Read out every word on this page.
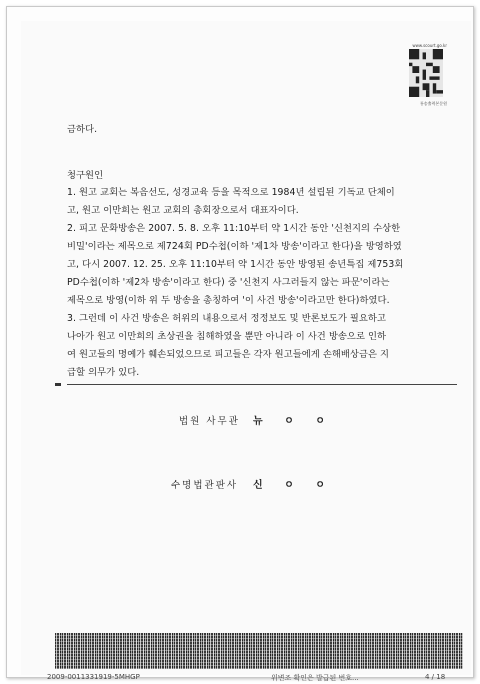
www.scourt.go.kr
통송출력본문원
금하다.
청구원인
1. 원고 교회는 복음선도, 성경교육 등을 목적으로 1984년 설립된 기독교 단체이
고, 원고 이만희는 원고 교회의 총회장으로서 대표자이다.
2. 피고 문화방송은 2007. 5. 8. 오후 11:10부터 약 1시간 동안 '신천지의 수상한
비밀'이라는 제목으로 제724회 PD수첩(이하 '제1차 방송'이라고 한다)을 방영하였
고, 다시 2007. 12. 25. 오후 11:10부터 약 1시간 동안 방영된 송년특집 제753회
PD수첩(이하 '제2차 방송'이라고 한다) 중 '신천지 사그러들지 않는 파문'이라는
제목으로 방영(이하 위 두 방송을 총칭하여 '이 사건 방송'이라고만 한다)하였다.
3. 그런데 이 사건 방송은 허위의 내용으로서 정정보도 및 반론보도가 필요하고
나아가 원고 이만희의 초상권을 침해하였을 뿐만 아니라 이 사건 방송으로 인하
여 원고들의 명예가 훼손되었으므로 피고들은 각자 원고들에게 손해배상금은 지
급할 의무가 있다.
법원 사무관 뉴 ㅇ ㅇ
수명법관판사 신 ㅇ ㅇ
2009-0011331919-5MHGP	위변조 확인은 발급된 번호...	4 / 18
